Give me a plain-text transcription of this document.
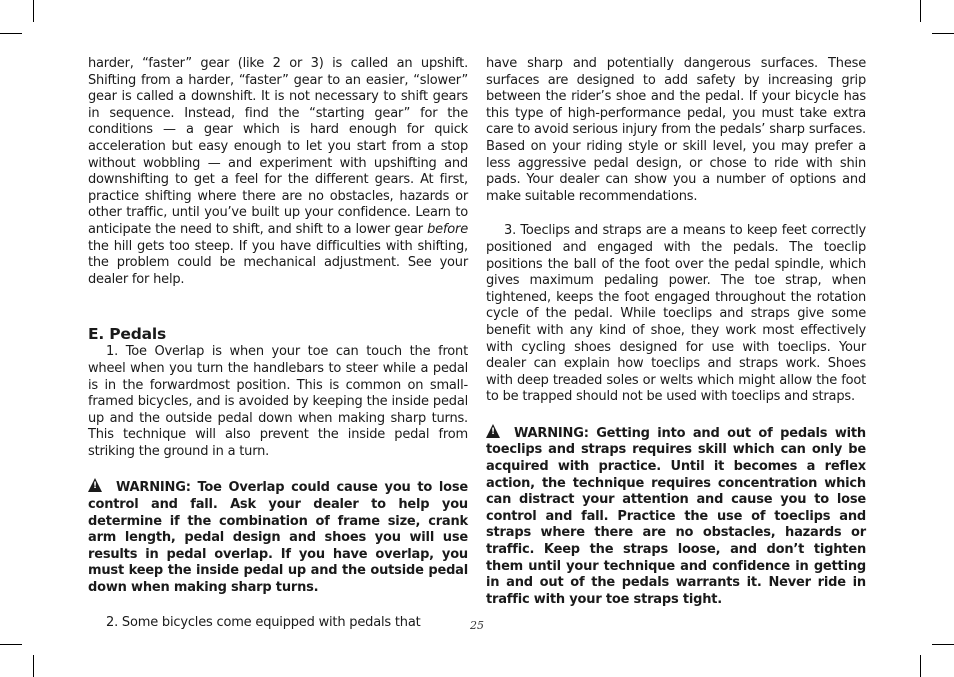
harder, “faster” gear (like 2 or 3) is called an upshift. Shifting from a harder, “faster” gear to an easier, “slower” gear is called a downshift. It is not necessary to shift gears in sequence. Instead, find the “starting gear” for the conditions — a gear which is hard enough for quick acceleration but easy enough to let you start from a stop without wobbling — and experiment with upshifting and downshifting to get a feel for the different gears. At first, practice shifting where there are no obstacles, hazards or other traffic, until you’ve built up your confidence. Learn to anticipate the need to shift, and shift to a lower gear before the hill gets too steep. If you have difficulties with shifting, the problem could be mechanical adjustment. See your dealer for help.

E. Pedals

1. Toe Overlap is when your toe can touch the front wheel when you turn the handlebars to steer while a pedal is in the forwardmost position. This is common on small-framed bicycles, and is avoided by keeping the inside pedal up and the outside pedal down when making sharp turns. This technique will also prevent the inside pedal from striking the ground in a turn.

!WARNING: Toe Overlap could cause you to lose control and fall. Ask your dealer to help you determine if the combination of frame size, crank arm length, pedal design and shoes you will use results in pedal overlap. If you have overlap, you must keep the inside pedal up and the outside pedal down when making sharp turns.

2. Some bicycles come equipped with pedals that

have sharp and potentially dangerous surfaces. These surfaces are designed to add safety by increasing grip between the rider’s shoe and the pedal. If your bicycle has this type of high-performance pedal, you must take extra care to avoid serious injury from the pedals’ sharp surfaces. Based on your riding style or skill level, you may prefer a less aggressive pedal design, or chose to ride with shin pads. Your dealer can show you a number of options and make suitable recommendations.

3. Toeclips and straps are a means to keep feet correctly positioned and engaged with the pedals. The toeclip positions the ball of the foot over the pedal spindle, which gives maximum pedaling power. The toe strap, when tightened, keeps the foot engaged throughout the rotation cycle of the pedal. While toeclips and straps give some benefit with any kind of shoe, they work most effectively with cycling shoes designed for use with toeclips. Your dealer can explain how toeclips and straps work. Shoes with deep treaded soles or welts which might allow the foot to be trapped should not be used with toeclips and straps.

!WARNING: Getting into and out of pedals with toeclips and straps requires skill which can only be acquired with practice. Until it becomes a reflex action, the technique requires concentration which can distract your attention and cause you to lose control and fall. Practice the use of toeclips and straps where there are no obstacles, hazards or traffic. Keep the straps loose, and don’t tighten them until your technique and confidence in getting in and out of the pedals warrants it. Never ride in traffic with your toe straps tight.

25
